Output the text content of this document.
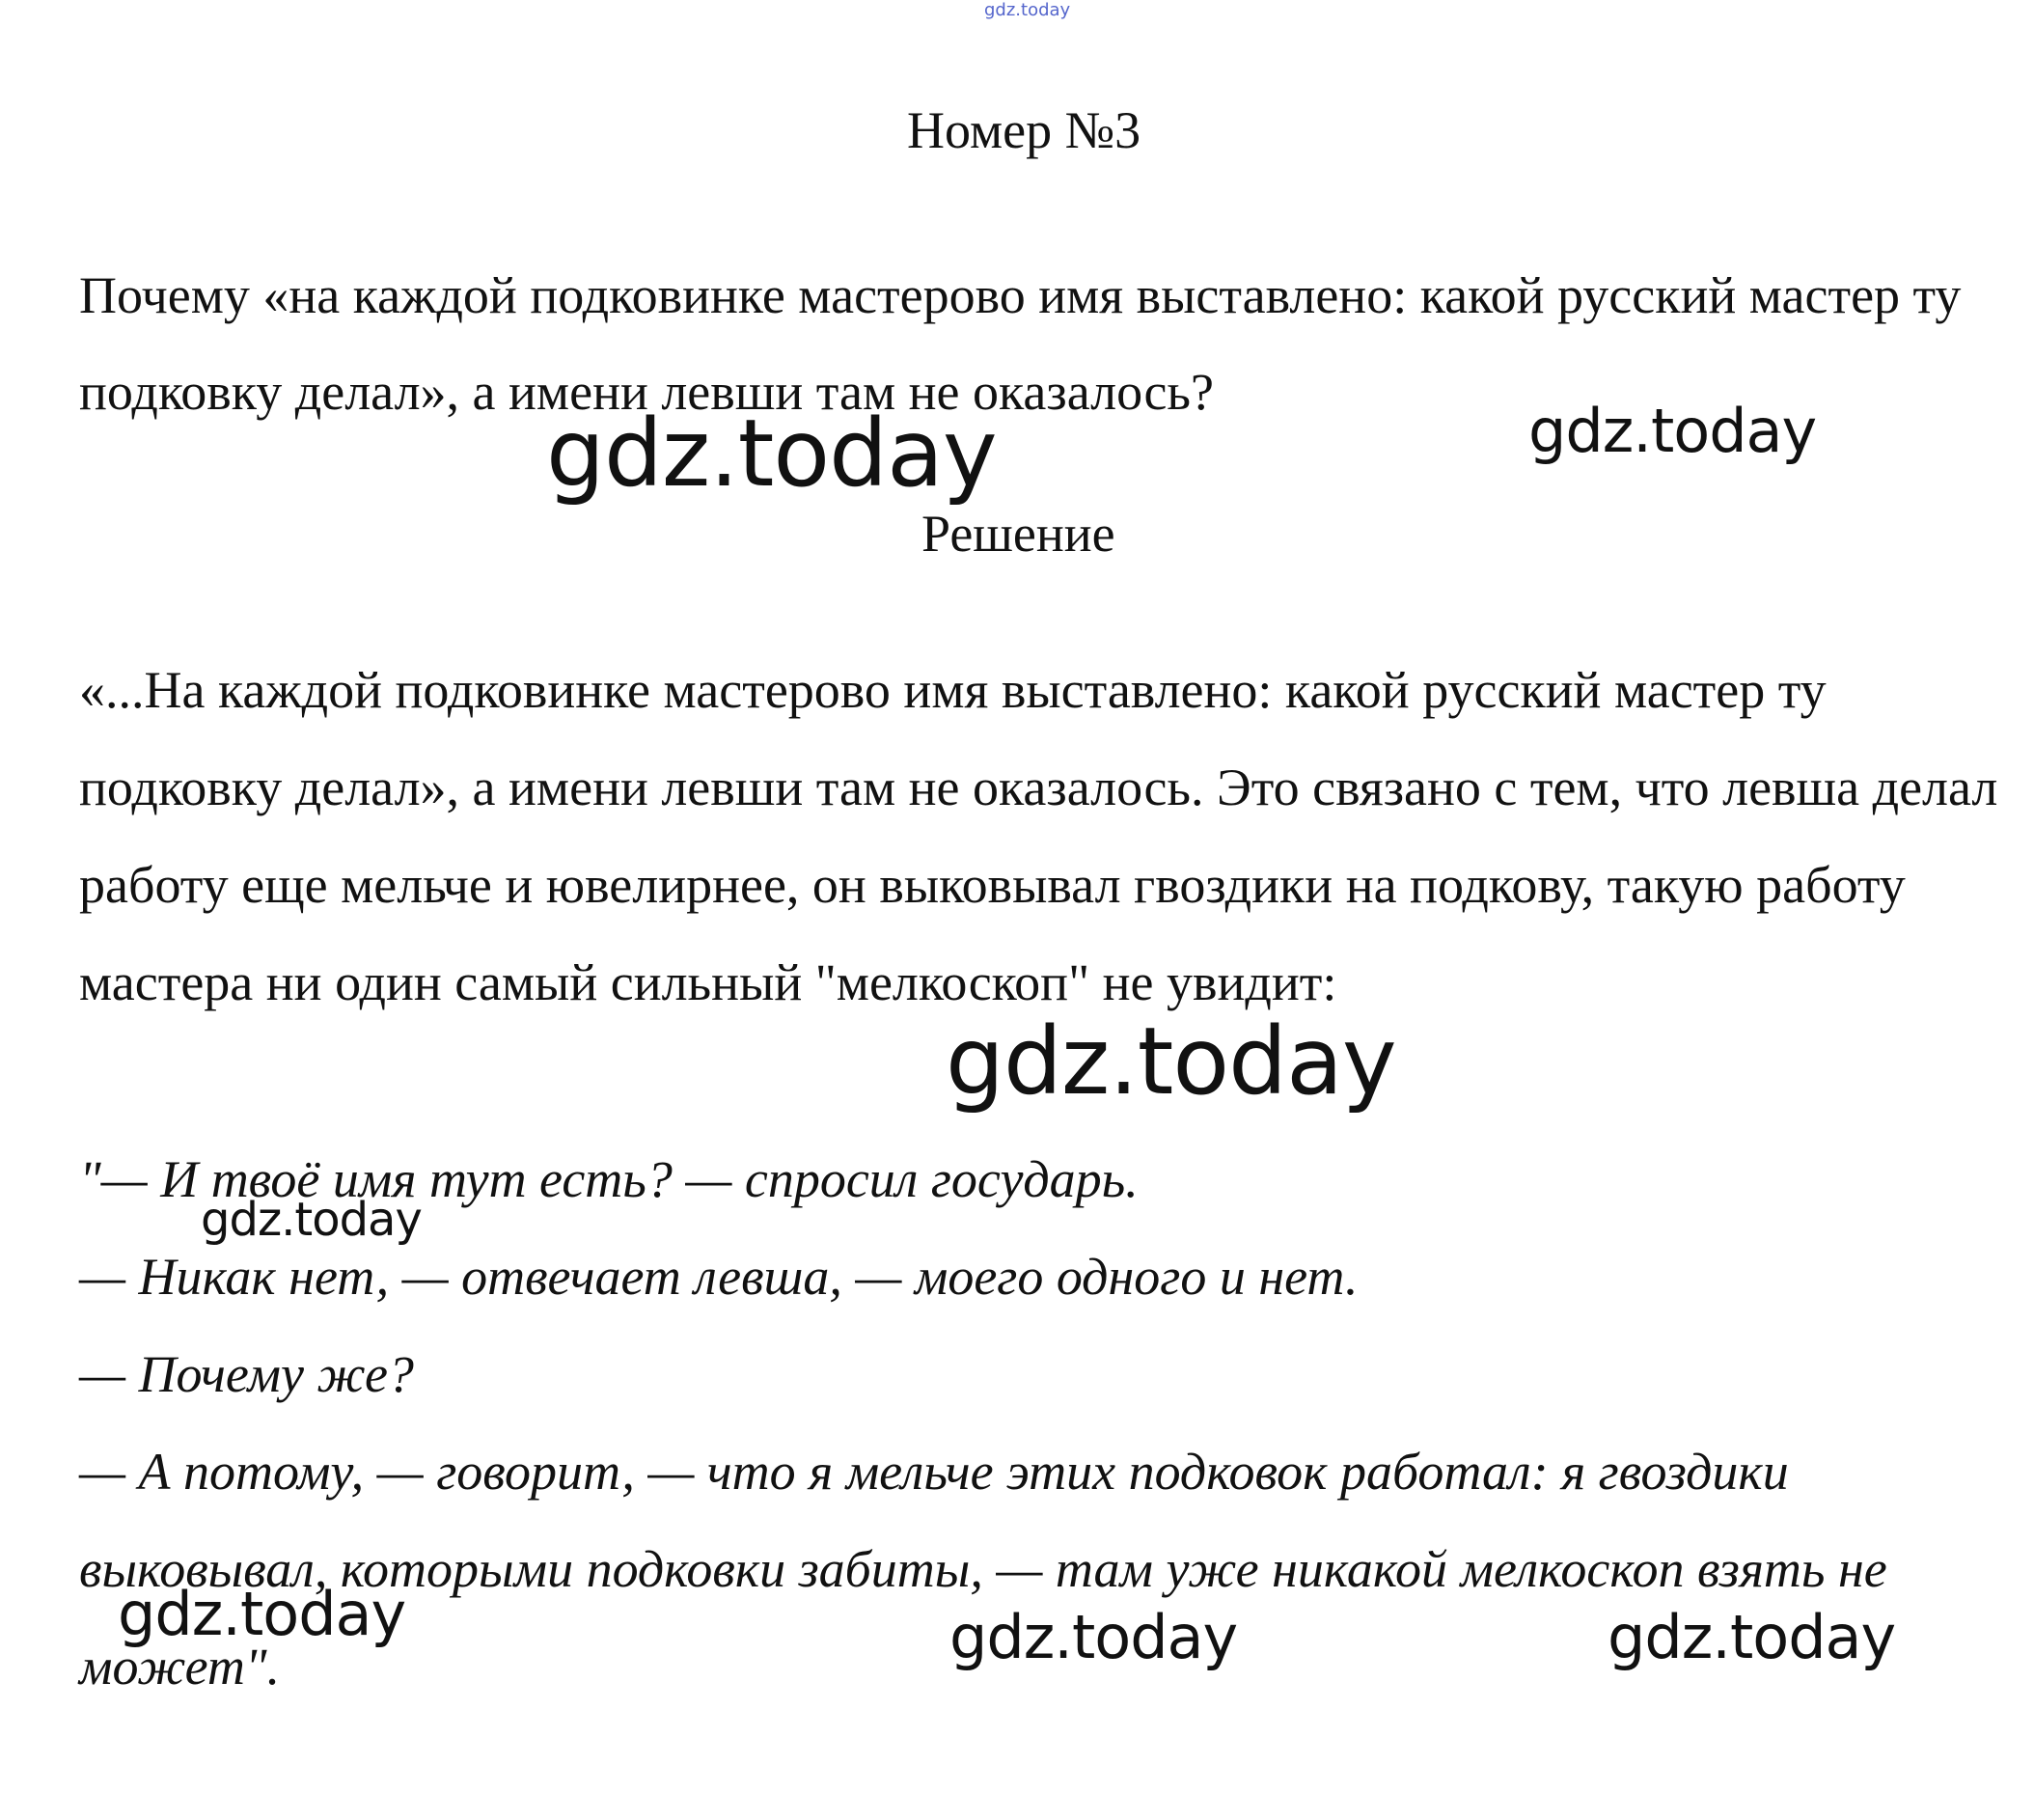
gdz.today
Номер №3
Почему «на каждой подковинке мастерово имя выставлено: какой русский мастер ту подковку делал», а имени левши там не оказалось?
Решение
«...На каждой подковинке мастерово имя выставлено: какой русский мастер ту подковку делал», а имени левши там не оказалось. Это связано с тем, что левша делал работу еще мельче и ювелирнее, он выковывал гвоздики на подкову, такую работу мастера ни один самый сильный "мелкоскоп" не увидит:

"— И твоё имя тут есть? — спросил государь.

— Никак нет, — отвечает левша, — моего одного и нет.

— Почему же?

— А потому, — говорит, — что я мельче этих подковок работал: я гвоздики выковывал, которыми подковки забиты, — там уже никакой мелкоскоп взять не может".

gdz.today	gdz.today
gdz.today
gdz.today
gdz.today	gdz.today	gdz.today
